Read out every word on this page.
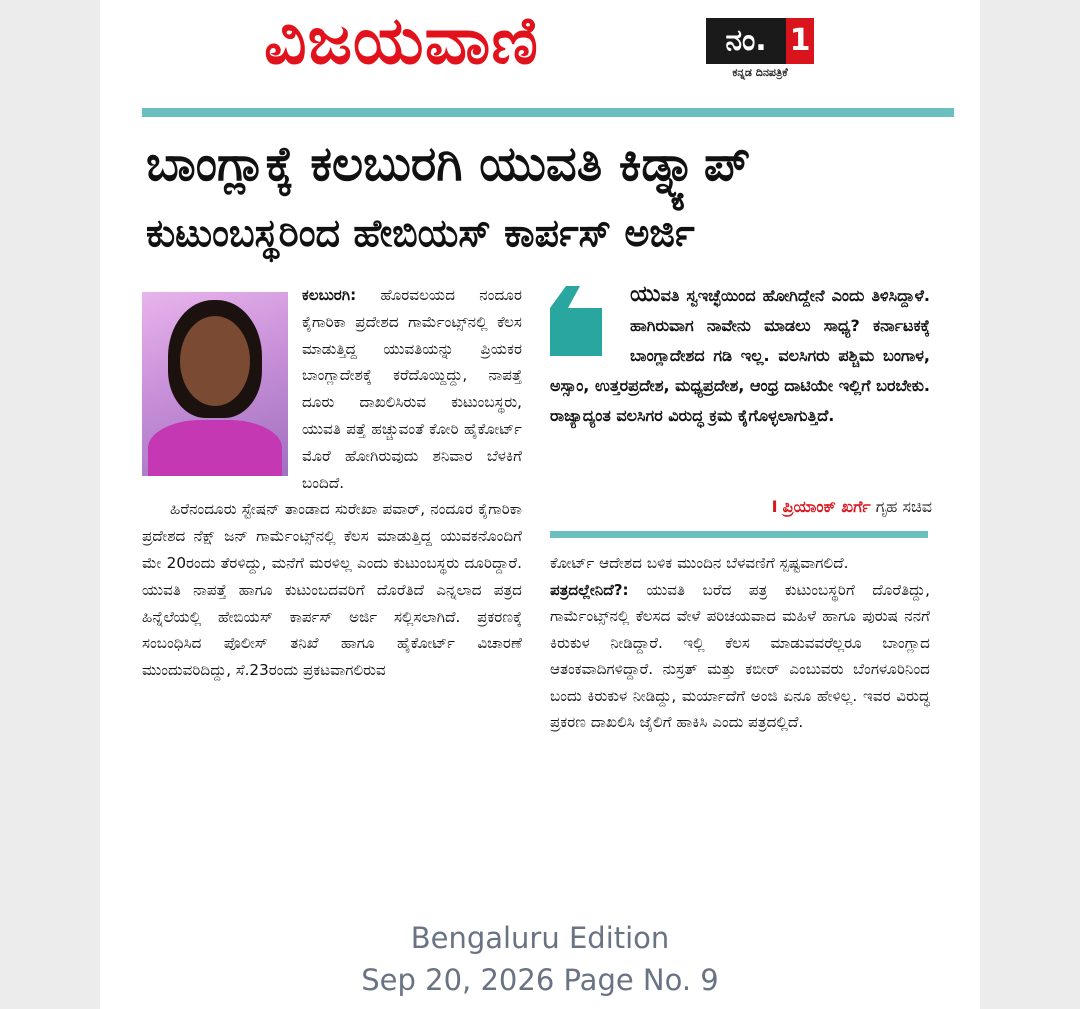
ವಿಜಯವಾಣಿ	ನಂ. 1
ಕನ್ನಡ ದಿನಪತ್ರಿಕೆ
ಬಾಂಗ್ಲಾಕ್ಕೆ ಕಲಬುರಗಿ ಯುವತಿ ಕಿಡ್ನ್ಯಾಪ್
ಕುಟುಂಬಸ್ಥರಿಂದ ಹೇಬಿಯಸ್ ಕಾರ್ಪಸ್ ಅರ್ಜಿ
ಕಲಬುರಗಿ: ಹೊರವಲಯದ ನಂದೂರ ಕೈಗಾರಿಕಾ ಪ್ರದೇಶದ ಗಾರ್ಮೆಂಟ್ಸ್‌ನಲ್ಲಿ ಕೆಲಸ ಮಾಡುತ್ತಿದ್ದ ಯುವತಿಯನ್ನು ಪ್ರಿಯಕರ ಬಾಂಗ್ಲಾದೇಶಕ್ಕೆ ಕರೆದೊಯ್ದಿದ್ದು, ನಾಪತ್ತೆ ದೂರು ದಾಖಲಿಸಿರುವ ಕುಟುಂಬಸ್ಥರು, ಯುವತಿ ಪತ್ತೆ ಹಚ್ಚುವಂತೆ ಕೋರಿ ಹೈಕೋರ್ಟ್ ಮೊರೆ ಹೋಗಿರುವುದು ಶನಿವಾರ ಬೆಳಕಿಗೆ ಬಂದಿದೆ.
ಹಿರೆನಂದೂರು ಸ್ಟೇಷನ್ ತಾಂಡಾದ ಸುರೇಖಾ ಪವಾರ್, ನಂದೂರ ಕೈಗಾರಿಕಾ ಪ್ರದೇಶದ ನೆಕ್ಷ್ ಜನ್ ಗಾರ್ಮೆಂಟ್ಸ್‌ನಲ್ಲಿ ಕೆಲಸ ಮಾಡುತ್ತಿದ್ದ ಯುವಕನೊಂದಿಗೆ ಮೇ 20ರಂದು ತೆರಳಿದ್ದು, ಮನೆಗೆ ಮರಳಿಲ್ಲ ಎಂದು ಕುಟುಂಬಸ್ಥರು ದೂರಿದ್ದಾರೆ. ಯುವತಿ ನಾಪತ್ತೆ ಹಾಗೂ ಕುಟುಂಬದವರಿಗೆ ದೊರೆತಿದೆ ಎನ್ನಲಾದ ಪತ್ರದ ಹಿನ್ನೆಲೆಯಲ್ಲಿ ಹೇಬಿಯಸ್ ಕಾರ್ಪಸ್ ಅರ್ಜಿ ಸಲ್ಲಿಸಲಾಗಿದೆ. ಪ್ರಕರಣಕ್ಕೆ ಸಂಬಂಧಿಸಿದ ಪೊಲೀಸ್ ತನಿಖೆ ಹಾಗೂ ಹೈಕೋರ್ಟ್ ವಿಚಾರಣೆ ಮುಂದುವರಿದಿದ್ದು, ಸೆ.23ರಂದು ಪ್ರಕಟವಾಗಲಿರುವ
ಯುವತಿ ಸ್ವಇಚ್ಛೆಯಿಂದ ಹೋಗಿದ್ದೇನೆ ಎಂದು ತಿಳಿಸಿದ್ದಾಳೆ. ಹಾಗಿರುವಾಗ ನಾವೇನು ಮಾಡಲು ಸಾಧ್ಯ? ಕರ್ನಾಟಕಕ್ಕೆ ಬಾಂಗ್ಲಾದೇಶದ ಗಡಿ ಇಲ್ಲ. ವಲಸಿಗರು ಪಶ್ಚಿಮ ಬಂಗಾಳ, ಅಸ್ಸಾಂ, ಉತ್ತರಪ್ರದೇಶ, ಮಧ್ಯಪ್ರದೇಶ, ಆಂಧ್ರ ದಾಟಿಯೇ ಇಲ್ಲಿಗೆ ಬರಬೇಕು. ರಾಜ್ಯಾದ್ಯಂತ ವಲಸಿಗರ ವಿರುದ್ಧ ಕ್ರಮ ಕೈಗೊಳ್ಳಲಾಗುತ್ತಿದೆ.
I ಪ್ರಿಯಾಂಕ್ ಖರ್ಗೆ ಗೃಹ ಸಚಿವ
ಕೋರ್ಟ್ ಆದೇಶದ ಬಳಿಕ ಮುಂದಿನ ಬೆಳವಣಿಗೆ ಸ್ಪಷ್ಟವಾಗಲಿದೆ.
ಪತ್ರದಲ್ಲೇನಿದೆ?: ಯುವತಿ ಬರೆದ ಪತ್ರ ಕುಟುಂಬಸ್ಥರಿಗೆ ದೊರೆತಿದ್ದು, ಗಾರ್ಮೆಂಟ್ಸ್‌ನಲ್ಲಿ ಕೆಲಸದ ವೇಳೆ ಪರಿಚಯವಾದ ಮಹಿಳೆ ಹಾಗೂ ಪುರುಷ ನನಗೆ ಕಿರುಕುಳ ನೀಡಿದ್ದಾರೆ. ಇಲ್ಲಿ ಕೆಲಸ ಮಾಡುವವರೆಲ್ಲರೂ ಬಾಂಗ್ಲಾದ ಆತಂಕವಾದಿಗಳಿದ್ದಾರೆ. ನುಸ್ರತ್ ಮತ್ತು ಕಬೀರ್ ಎಂಬುವರು ಬೆಂಗಳೂರಿನಿಂದ ಬಂದು ಕಿರುಕುಳ ನೀಡಿದ್ದು, ಮರ್ಯಾದೆಗೆ ಅಂಜಿ ಏನೂ ಹೇಳಿಲ್ಲ. ಇವರ ವಿರುದ್ಧ ಪ್ರಕರಣ ದಾಖಲಿಸಿ ಜೈಲಿಗೆ ಹಾಕಿಸಿ ಎಂದು ಪತ್ರದಲ್ಲಿದೆ.
Bengaluru Edition
Sep 20, 2026 Page No. 9
